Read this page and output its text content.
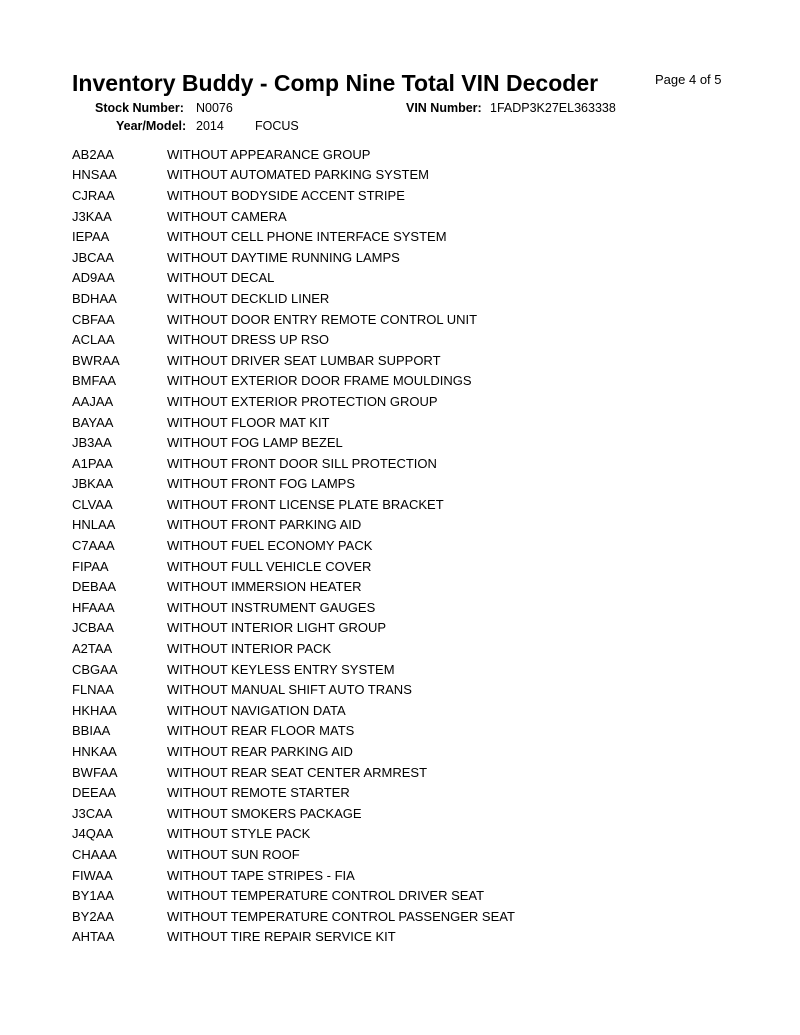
Inventory Buddy - Comp Nine Total VIN Decoder	Page 4 of 5
Stock Number: N0076	VIN Number: 1FADP3K27EL363338
Year/Model: 2014 FOCUS
AB2AA	WITHOUT APPEARANCE GROUP
HNSAA	WITHOUT AUTOMATED PARKING SYSTEM
CJRAA	WITHOUT BODYSIDE ACCENT STRIPE
J3KAA	WITHOUT CAMERA
IEPAA	WITHOUT CELL PHONE INTERFACE SYSTEM
JBCAA	WITHOUT DAYTIME RUNNING LAMPS
AD9AA	WITHOUT DECAL
BDHAA	WITHOUT DECKLID LINER
CBFAA	WITHOUT DOOR ENTRY REMOTE CONTROL UNIT
ACLAA	WITHOUT DRESS UP RSO
BWRAA	WITHOUT DRIVER SEAT LUMBAR SUPPORT
BMFAA	WITHOUT EXTERIOR DOOR FRAME MOULDINGS
AAJAA	WITHOUT EXTERIOR PROTECTION GROUP
BAYAA	WITHOUT FLOOR MAT KIT
JB3AA	WITHOUT FOG LAMP BEZEL
A1PAA	WITHOUT FRONT DOOR SILL PROTECTION
JBKAA	WITHOUT FRONT FOG LAMPS
CLVAA	WITHOUT FRONT LICENSE PLATE BRACKET
HNLAA	WITHOUT FRONT PARKING AID
C7AAA	WITHOUT FUEL ECONOMY PACK
FIPAA	WITHOUT FULL VEHICLE COVER
DEBAA	WITHOUT IMMERSION HEATER
HFAAA	WITHOUT INSTRUMENT GAUGES
JCBAA	WITHOUT INTERIOR LIGHT GROUP
A2TAA	WITHOUT INTERIOR PACK
CBGAA	WITHOUT KEYLESS ENTRY SYSTEM
FLNAA	WITHOUT MANUAL SHIFT AUTO TRANS
HKHAA	WITHOUT NAVIGATION DATA
BBIAA	WITHOUT REAR FLOOR MATS
HNKAA	WITHOUT REAR PARKING AID
BWFAA	WITHOUT REAR SEAT CENTER ARMREST
DEEAA	WITHOUT REMOTE STARTER
J3CAA	WITHOUT SMOKERS PACKAGE
J4QAA	WITHOUT STYLE PACK
CHAAA	WITHOUT SUN ROOF
FIWAA	WITHOUT TAPE STRIPES - FIA
BY1AA	WITHOUT TEMPERATURE CONTROL DRIVER SEAT
BY2AA	WITHOUT TEMPERATURE CONTROL PASSENGER SEAT
AHTAA	WITHOUT TIRE REPAIR SERVICE KIT
